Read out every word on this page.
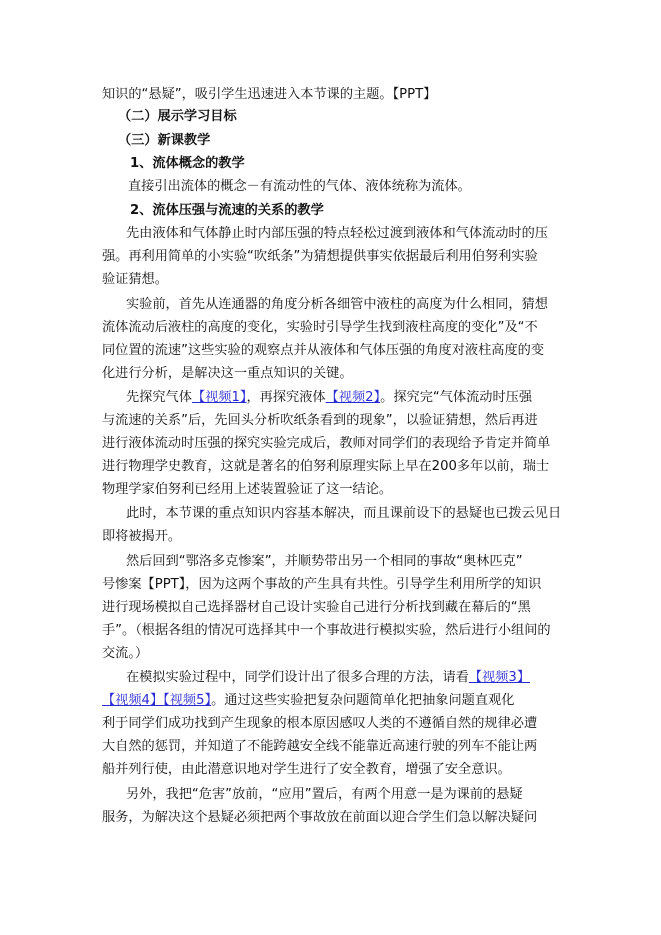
知识的“悬疑”，吸引学生迅速进入本节课的主题。【PPT】
（二）展示学习目标
（三）新课教学
1、流体概念的教学
直接引出流体的概念－有流动性的气体、液体统称为流体。
2、流体压强与流速的关系的教学
先由液体和气体静止时内部压强的特点轻松过渡到液体和气体流动时的压
强。再利用简单的小实验“吹纸条”为猜想提供事实依据最后利用伯努利实验
验证猜想。
实验前，首先从连通器的角度分析各细管中液柱的高度为什么相同，猜想
流体流动后液柱的高度的变化，实验时引导学生找到液柱高度的变化”及“不
同位置的流速”这些实验的观察点并从液体和气体压强的角度对液柱高度的变
化进行分析，是解决这一重点知识的关键。
先探究气体【视频1】，再探究液体【视频2】。探究完“气体流动时压强
与流速的关系”后，先回头分析吹纸条看到的现象”，以验证猜想，然后再进
进行液体流动时压强的探究实验完成后，教师对同学们的表现给予肯定并简单
进行物理学史教育，这就是著名的伯努利原理实际上早在200多年以前，瑞士
物理学家伯努利已经用上述装置验证了这一结论。
此时，本节课的重点知识内容基本解决，而且课前设下的悬疑也已拨云见日
即将被揭开。
然后回到“鄂洛多克惨案”，并顺势带出另一个相同的事故“奥林匹克”
号惨案【PPT】，因为这两个事故的产生具有共性。引导学生利用所学的知识
进行现场模拟自己选择器材自己设计实验自己进行分析找到藏在幕后的“黑
手”。（根据各组的情况可选择其中一个事故进行模拟实验，然后进行小组间的
交流。）
在模拟实验过程中，同学们设计出了很多合理的方法，请看【视频3】
【视频4】【视频5】。通过这些实验把复杂问题简单化把抽象问题直观化
利于同学们成功找到产生现象的根本原因感叹人类的不遵循自然的规律必遭
大自然的惩罚，并知道了不能跨越安全线不能靠近高速行驶的列车不能让两
船并列行使，由此潜意识地对学生进行了安全教育，增强了安全意识。
另外，我把“危害”放前，“应用”置后，有两个用意一是为课前的悬疑
服务，为解决这个悬疑必须把两个事故放在前面以迎合学生们急以解决疑问
